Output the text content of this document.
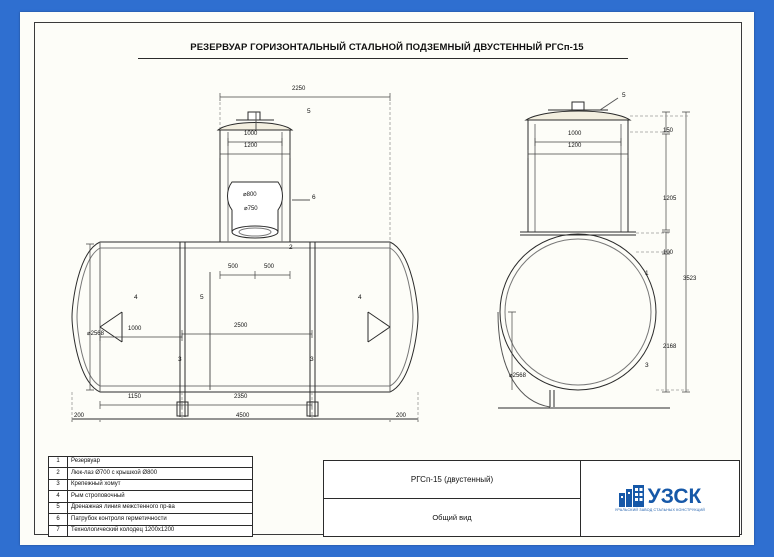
РЕЗЕРВУАР ГОРИЗОНТАЛЬНЫЙ СТАЛЬНОЙ ПОДЗЕМНЫЙ ДВУСТЕННЫЙ РГСп-15
2250
1000
1200
⌀800
⌀750
500	500
1000	2500
1150	2350
4500
200	200
⌀2568
5
6
2
4	5	4
3	3
1000
1200
150
1205
100
3523
2168
⌀2568
5
1
3
1	Резервуар
2	Люк-лаз Ø700 с крышкой Ø800
3	Крепежный хомут
4	Рым строповочный
5	Дренажная линия межстенного пр-ва
6	Патрубок контроля герметичности
7	Технологический колодец 1200х1200
РГСп-15 (двустенный)
Общий вид
УЗСК
УРАЛЬСКИЙ ЗАВОД СТАЛЬНЫХ КОНСТРУКЦИЙ
